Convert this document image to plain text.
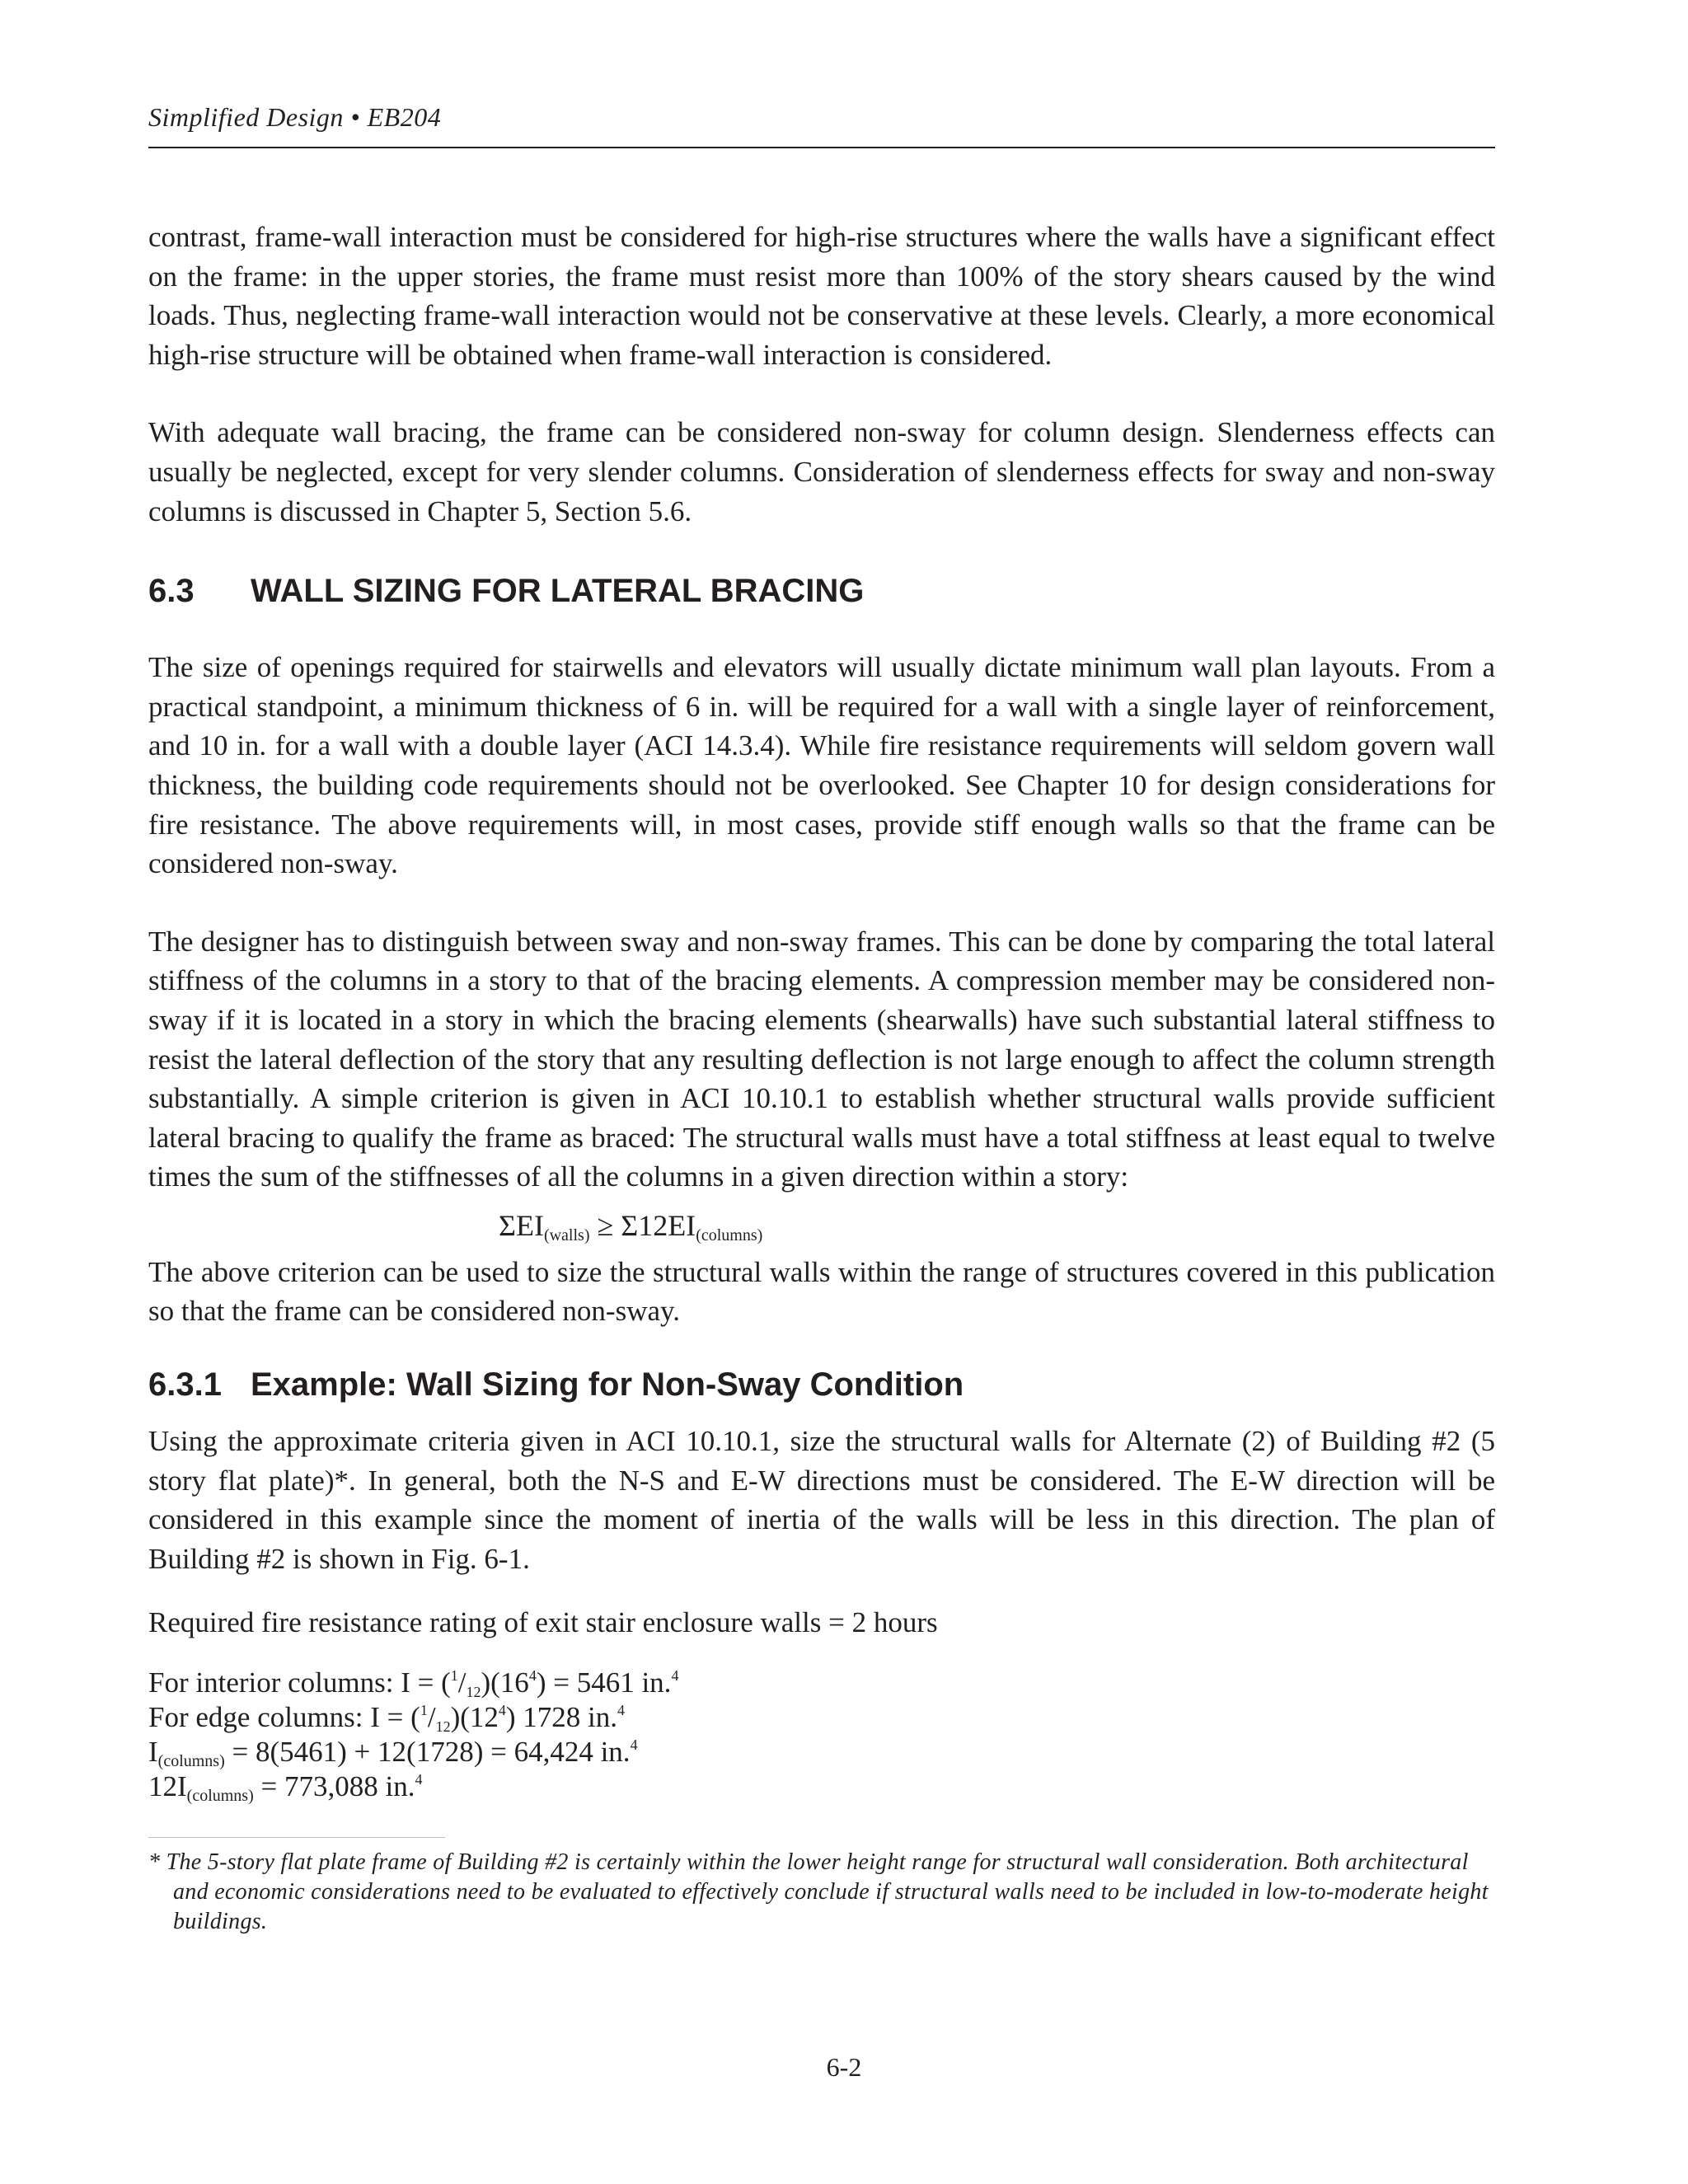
Simplified Design • EB204

contrast, frame-wall interaction must be considered for high-rise structures where the walls have a significant effect on the frame: in the upper stories, the frame must resist more than 100% of the story shears caused by the wind loads. Thus, neglecting frame-wall interaction would not be conservative at these levels. Clearly, a more economical high-rise structure will be obtained when frame-wall interaction is considered.

With adequate wall bracing, the frame can be considered non-sway for column design. Slenderness effects can usually be neglected, except for very slender columns. Consideration of slenderness effects for sway and non-sway columns is discussed in Chapter 5, Section 5.6.

6.3 WALL SIZING FOR LATERAL BRACING

The size of openings required for stairwells and elevators will usually dictate minimum wall plan layouts. From a practical standpoint, a minimum thickness of 6 in. will be required for a wall with a single layer of reinforcement, and 10 in. for a wall with a double layer (ACI 14.3.4). While fire resistance requirements will seldom govern wall thickness, the building code requirements should not be overlooked. See Chapter 10 for design considerations for fire resistance. The above requirements will, in most cases, provide stiff enough walls so that the frame can be considered non-sway.

The designer has to distinguish between sway and non-sway frames. This can be done by comparing the total lateral stiffness of the columns in a story to that of the bracing elements. A compression member may be considered non-sway if it is located in a story in which the bracing elements (shearwalls) have such substantial lateral stiffness to resist the lateral deflection of the story that any resulting deflection is not large enough to affect the column strength substantially. A simple criterion is given in ACI 10.10.1 to establish whether structural walls provide sufficient lateral bracing to qualify the frame as braced: The structural walls must have a total stiffness at least equal to twelve times the sum of the stiffnesses of all the columns in a given direction within a story:

$\Sigma EI_{(walls)} \ge \Sigma 12EI_{(columns)}$

The above criterion can be used to size the structural walls within the range of structures covered in this publication so that the frame can be considered non-sway.

6.3.1 Example: Wall Sizing for Non-Sway Condition

Using the approximate criteria given in ACI 10.10.1, size the structural walls for Alternate (2) of Building #2 (5 story flat plate)*. In general, both the N-S and E-W directions must be considered. The E-W direction will be considered in this example since the moment of inertia of the walls will be less in this direction. The plan of Building #2 is shown in Fig. 6-1.

Required fire resistance rating of exit stair enclosure walls = 2 hours

For interior columns: $I = (^1/_{12})(16^4) = 5461$ in.$^4$

For edge columns: $I = (^1/_{12})(12^4)$ 1728 in.$^4$

$I_{(columns)} = 8(5461) + 12(1728) = 64,424$ in.$^4$

$12I_{(columns)} = 773,088$ in.$^4$

* The 5-story flat plate frame of Building #2 is certainly within the lower height range for structural wall consideration. Both architectural and economic considerations need to be evaluated to effectively conclude if structural walls need to be included in low-to-moderate height buildings.

6-2
